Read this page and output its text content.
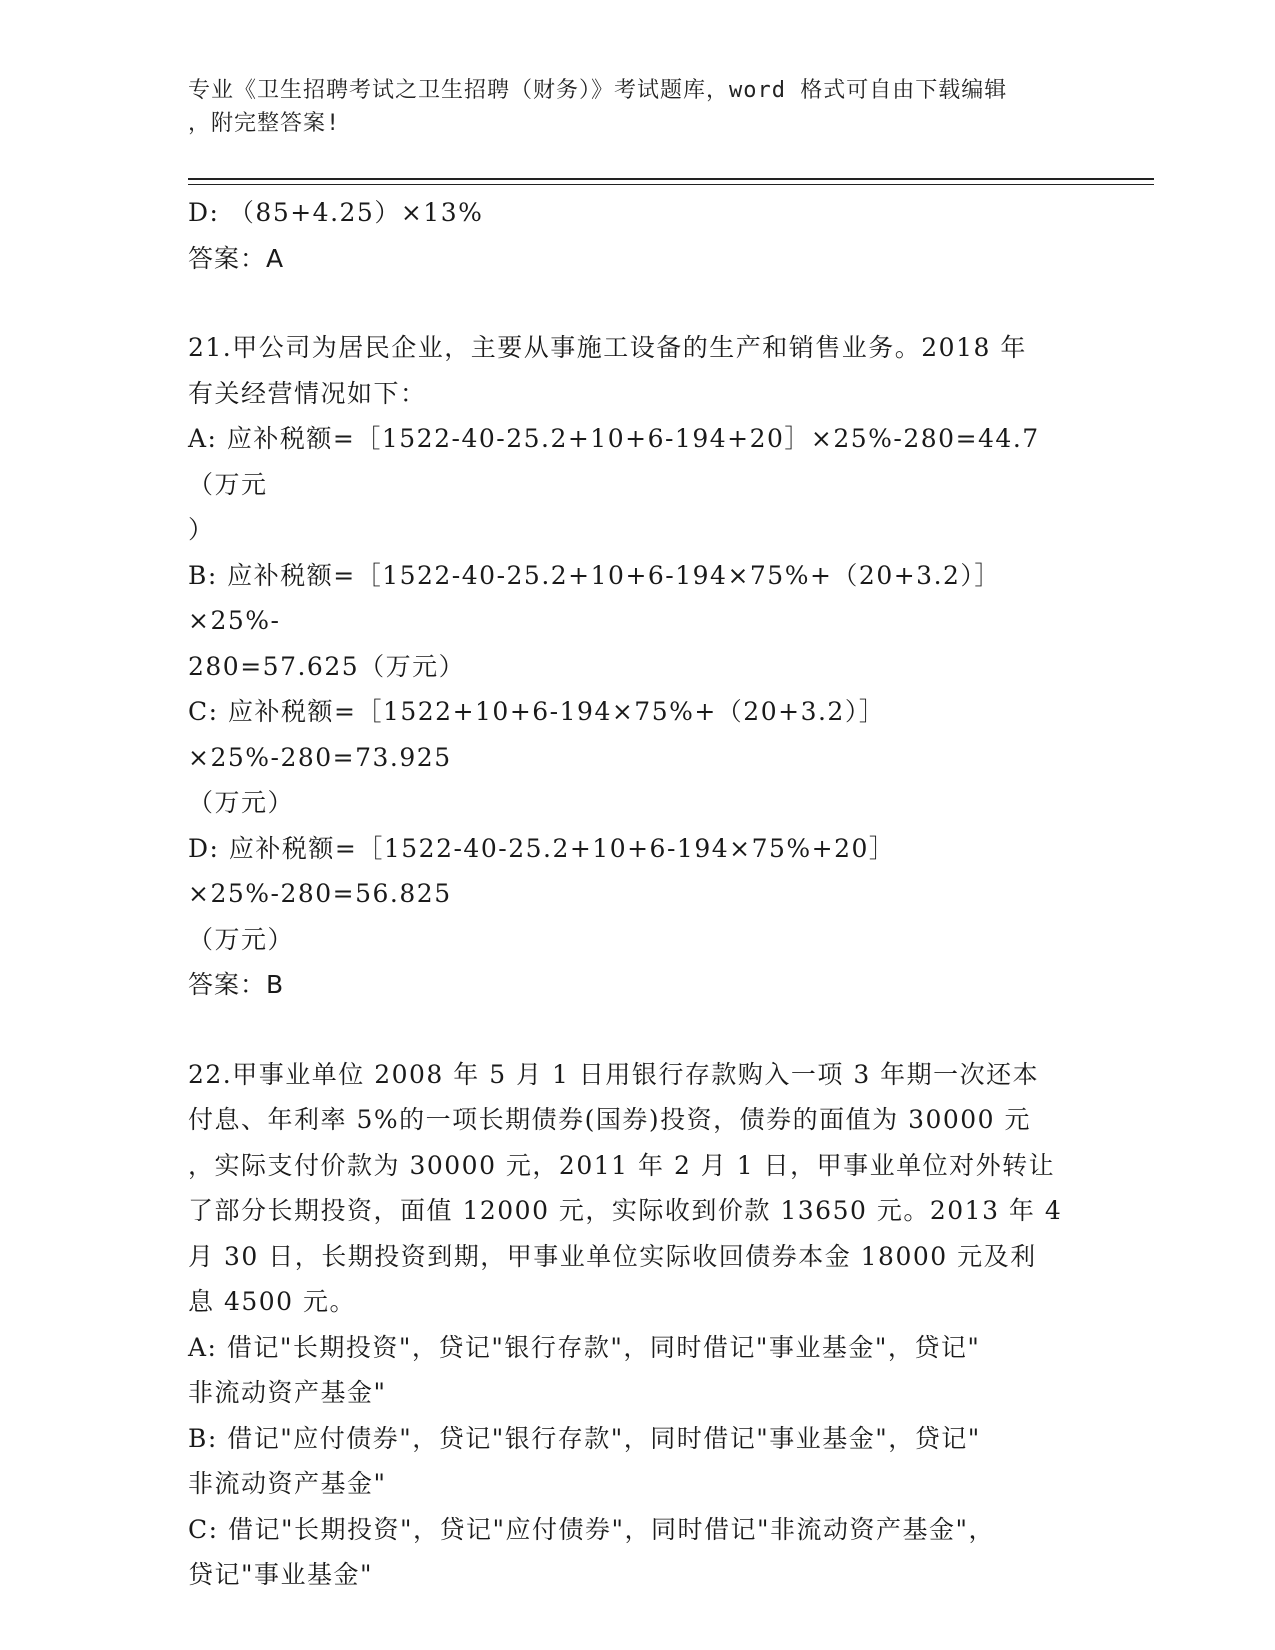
专业《卫生招聘考试之卫生招聘（财务）》考试题库，word 格式可自由下载编辑
，附完整答案!

D: （85+4.25）×13%

答案：A

21.甲公司为居民企业，主要从事施工设备的生产和销售业务。2018 年

有关经营情况如下：

A: 应补税额=［1522-40-25.2+10+6-194+20］×25%-280=44.7（万元

）

B: 应补税额=［1522-40-25.2+10+6-194×75%+（20+3.2）］×25%-

280=57.625（万元）

C: 应补税额=［1522+10+6-194×75%+（20+3.2）］×25%-280=73.925

（万元）

D: 应补税额=［1522-40-25.2+10+6-194×75%+20］×25%-280=56.825

（万元）

答案：B

22.甲事业单位 2008 年 5 月 1 日用银行存款购入一项 3 年期一次还本

付息、年利率 5%的一项长期债券(国券)投资，债券的面值为 30000 元

，实际支付价款为 30000 元，2011 年 2 月 1 日，甲事业单位对外转让

了部分长期投资，面值 12000 元，实际收到价款 13650 元。2013 年 4

月 30 日，长期投资到期，甲事业单位实际收回债券本金 18000 元及利

息 4500 元。

A: 借记"长期投资"，贷记"银行存款"，同时借记"事业基金"，贷记"

非流动资产基金"

B: 借记"应付债券"，贷记"银行存款"，同时借记"事业基金"，贷记"

非流动资产基金"

C: 借记"长期投资"，贷记"应付债券"，同时借记"非流动资产基金"，

贷记"事业基金"
